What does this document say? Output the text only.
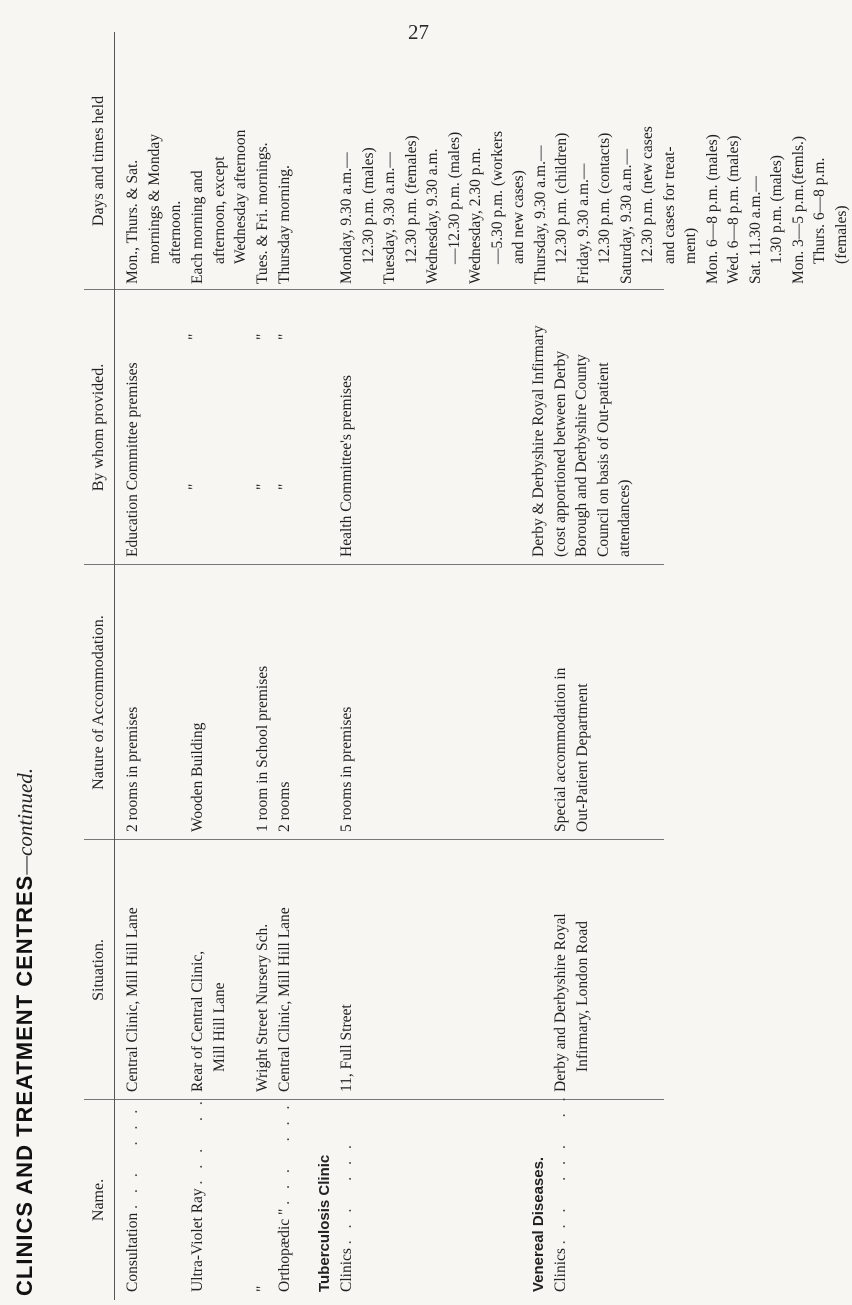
27
CLINICS AND TREATMENT CENTRES—continued.
Name.
Situation.
Nature of Accommodation.
By whom provided.
Days and times held
Consultation ... ...
Central Clinic, Mill Hill Lane
2 rooms in premises
Education Committee premises
Mon., Thurs. & Sat. mornings & Monday afternoon.
Ultra-Violet Ray ... ...
Rear of Central Clinic, Mill Hill Lane
Wooden Building
"
"
Each morning and afternoon, except Wednesday afternoon
" Orthopædic " ... ...
Wright Street Nursery Sch. Central Clinic, Mill Hill Lane
1 room in School premises 2 rooms
" "
" "
Tues. & Fri. mornings. Thursday morning.
Tuberculosis Clinic Clinics ... ...
11, Full Street
5 rooms in premises
Health Committee's premises
Monday, 9.30 a.m.— 12.30 p.m. (males) Tuesday, 9.30 a.m.— 12.30 p.m. (females) Wednesday, 9.30 a.m. —12.30 p.m. (males) Wednesday, 2.30 p.m. —5.30 p.m. (workers and new cases) Thursday, 9.30 a.m.— 12.30 p.m. (children) Friday, 9.30 a.m.— 12.30 p.m. (contacts) Saturday, 9.30 a.m.— 12.30 p.m. (new cases and cases for treat- ment) Mon. 6—8 p.m. (males) Wed. 6—8 p.m. (males) Sat. 11.30 a.m.— 1.30 p.m. (males) Mon. 3—5 p.m.(femls.) Thurs. 6—8 p.m. (females)
Venereal Diseases. Clinics ... ... ...
Derby and Derbyshire Royal Infirmary, London Road
Special accommodation in Out-Patient Department
Derby & Derbyshire Royal Infirmary (cost apportioned between Derby Borough and Derbyshire County Council on basis of Out-patient attendances)
